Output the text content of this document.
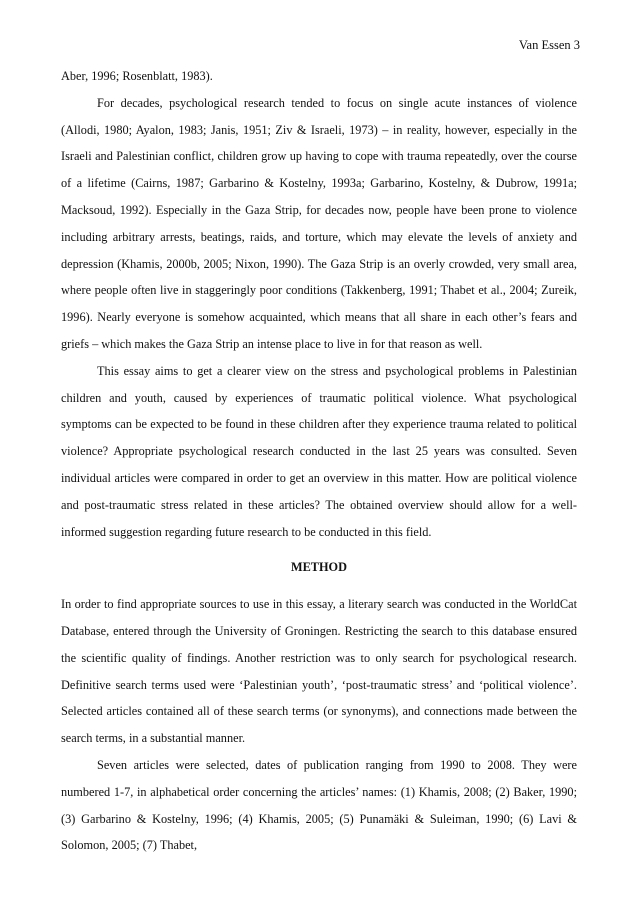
Van Essen 3

Aber, 1996; Rosenblatt, 1983).

For decades, psychological research tended to focus on single acute instances of violence (Allodi, 1980; Ayalon, 1983; Janis, 1951; Ziv & Israeli, 1973) – in reality, however, especially in the Israeli and Palestinian conflict, children grow up having to cope with trauma repeatedly, over the course of a lifetime (Cairns, 1987; Garbarino & Kostelny, 1993a; Garbarino, Kostelny, & Dubrow, 1991a; Macksoud, 1992). Especially in the Gaza Strip, for decades now, people have been prone to violence including arbitrary arrests, beatings, raids, and torture, which may elevate the levels of anxiety and depression (Khamis, 2000b, 2005; Nixon, 1990). The Gaza Strip is an overly crowded, very small area, where people often live in staggeringly poor conditions (Takkenberg, 1991; Thabet et al., 2004; Zureik, 1996). Nearly everyone is somehow acquainted, which means that all share in each other’s fears and griefs – which makes the Gaza Strip an intense place to live in for that reason as well.

This essay aims to get a clearer view on the stress and psychological problems in Palestinian children and youth, caused by experiences of traumatic political violence. What psychological symptoms can be expected to be found in these children after they experience trauma related to political violence? Appropriate psychological research conducted in the last 25 years was consulted. Seven individual articles were compared in order to get an overview in this matter. How are political violence and post-traumatic stress related in these articles? The obtained overview should allow for a well-informed suggestion regarding future research to be conducted in this field.

METHOD

In order to find appropriate sources to use in this essay, a literary search was conducted in the WorldCat Database, entered through the University of Groningen. Restricting the search to this database ensured the scientific quality of findings. Another restriction was to only search for psychological research. Definitive search terms used were ‘Palestinian youth’, ‘post-traumatic stress’ and ‘political violence’. Selected articles contained all of these search terms (or synonyms), and connections made between the search terms, in a substantial manner.

Seven articles were selected, dates of publication ranging from 1990 to 2008. They were numbered 1-7, in alphabetical order concerning the articles’ names: (1) Khamis, 2008; (2) Baker, 1990; (3) Garbarino & Kostelny, 1996; (4) Khamis, 2005; (5) Punamäki & Suleiman, 1990; (6) Lavi & Solomon, 2005; (7) Thabet,
